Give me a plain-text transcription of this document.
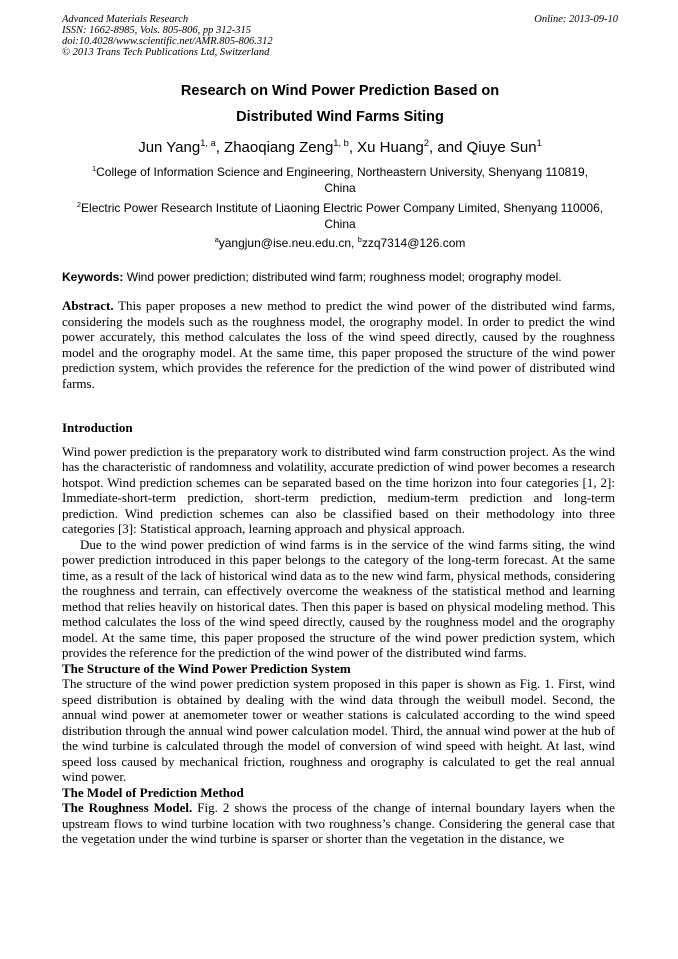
Advanced Materials Research
ISSN: 1662-8985, Vols. 805-806, pp 312-315
doi:10.4028/www.scientific.net/AMR.805-806.312
© 2013 Trans Tech Publications Ltd, Switzerland
Online: 2013-09-10
Research on Wind Power Prediction Based on
Distributed Wind Farms Siting
Jun Yang$^{1, a}$, Zhaoqiang Zeng$^{1, b}$, Xu Huang$^2$, and Qiuye Sun$^1$
$^1$College of Information Science and Engineering, Northeastern University, Shenyang 110819,
China
$^2$Electric Power Research Institute of Liaoning Electric Power Company Limited, Shenyang 110006,
China
$^a$yangjun@ise.neu.edu.cn, $^b$zzq7314@126.com
Keywords: Wind power prediction; distributed wind farm; roughness model; orography model.

Abstract. This paper proposes a new method to predict the wind power of the distributed wind farms, considering the models such as the roughness model, the orography model. In order to predict the wind power accurately, this method calculates the loss of the wind speed directly, caused by the roughness model and the orography model. At the same time, this paper proposed the structure of the wind power prediction system, which provides the reference for the prediction of the wind power of distributed wind farms.

Introduction

Wind power prediction is the preparatory work to distributed wind farm construction project. As the wind has the characteristic of randomness and volatility, accurate prediction of wind power becomes a research hotspot. Wind prediction schemes can be separated based on the time horizon into four categories [1, 2]: Immediate-short-term prediction, short-term prediction, medium-term prediction and long-term prediction. Wind prediction schemes can also be classified based on their methodology into three categories [3]: Statistical approach, learning approach and physical approach.

Due to the wind power prediction of wind farms is in the service of the wind farms siting, the wind power prediction introduced in this paper belongs to the category of the long-term forecast. At the same time, as a result of the lack of historical wind data as to the new wind farm, physical methods, considering the roughness and terrain, can effectively overcome the weakness of the statistical method and learning method that relies heavily on historical dates. Then this paper is based on physical modeling method. This method calculates the loss of the wind speed directly, caused by the roughness model and the orography model. At the same time, this paper proposed the structure of the wind power prediction system, which provides the reference for the prediction of the wind power of the distributed wind farms.

The Structure of the Wind Power Prediction System

The structure of the wind power prediction system proposed in this paper is shown as Fig. 1. First, wind speed distribution is obtained by dealing with the wind data through the weibull model. Second, the annual wind power at anemometer tower or weather stations is calculated according to the wind speed distribution through the annual wind power calculation model. Third, the annual wind power at the hub of the wind turbine is calculated through the model of conversion of wind speed with height. At last, wind speed loss caused by mechanical friction, roughness and orography is calculated to get the real annual wind power.

The Model of Prediction Method

The Roughness Model. Fig. 2 shows the process of the change of internal boundary layers when the upstream flows to wind turbine location with two roughness’s change. Considering the general case that the vegetation under the wind turbine is sparser or shorter than the vegetation in the distance, we
